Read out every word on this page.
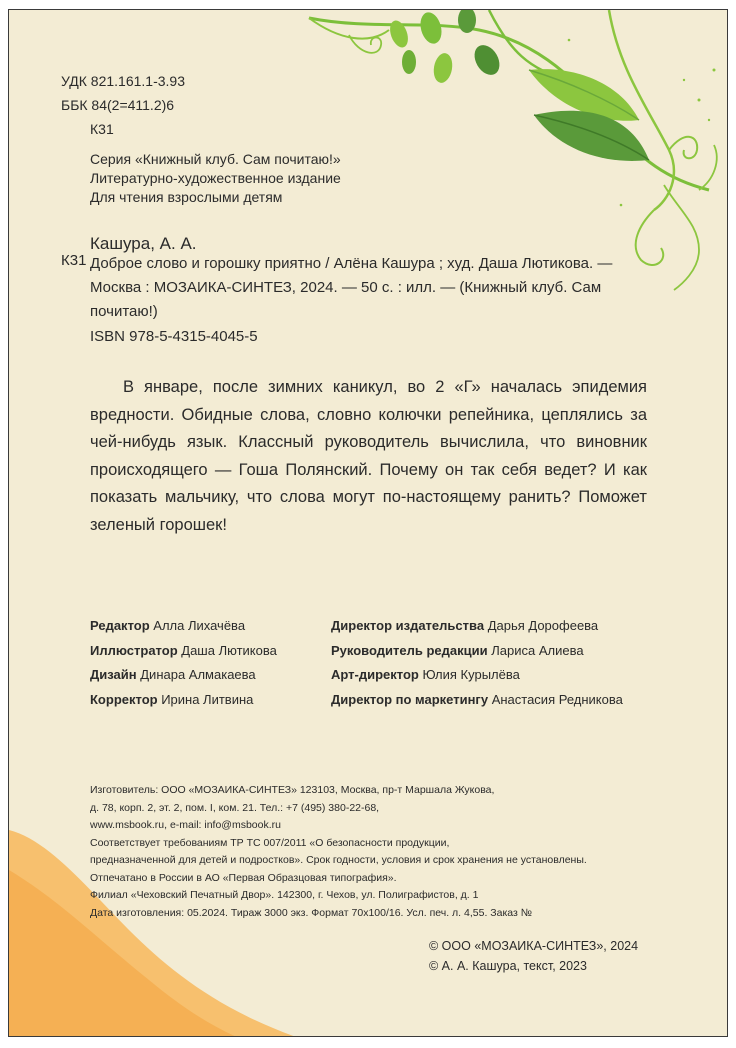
УДК 821.161.1-3.93
ББК 84(2=411.2)6
К31
Серия «Книжный клуб. Сам почитаю!»
Литературно-художественное издание
Для чтения взрослыми детям
Кашура, А. А.
К31 Доброе слово и горошку приятно / Алёна Кашура ; худ. Даша Лютикова. — Москва : МОЗАИКА-СИНТЕЗ, 2024. — 50 с. : илл. — (Книжный клуб. Сам почитаю!)
ISBN 978-5-4315-4045-5
В январе, после зимних каникул, во 2 «Г» началась эпидемия вредности. Обидные слова, словно колючки репейника, цеплялись за чей-нибудь язык. Классный руководитель вычислила, что виновник происходящего — Гоша Полянский. Почему он так себя ведет? И как показать мальчику, что слова могут по-настоящему ранить? Поможет зеленый горошек!
Редактор Алла Лихачёва
Иллюстратор Даша Лютикова
Дизайн Динара Алмакаева
Корректор Ирина Литвина
Директор издательства Дарья Дорофеева
Руководитель редакции Лариса Алиева
Арт-директор Юлия Курылёва
Директор по маркетингу Анастасия Редникова
Изготовитель: ООО «МОЗАИКА-СИНТЕЗ» 123103, Москва, пр-т Маршала Жукова,
д. 78, корп. 2, эт. 2, пом. I, ком. 21. Тел.: +7 (495) 380-22-68,
www.msbook.ru, e-mail: info@msbook.ru
Соответствует требованиям ТР ТС 007/2011 «О безопасности продукции,
предназначенной для детей и подростков». Срок годности, условия и срок хранения не установлены.
Отпечатано в России в АО «Первая Образцовая типография».
Филиал «Чеховский Печатный Двор». 142300, г. Чехов, ул. Полиграфистов, д. 1
Дата изготовления: 05.2024. Тираж 3000 экз. Формат 70х100/16. Усл. печ. л. 4,55. Заказ №
© ООО «МОЗАИКА-СИНТЕЗ», 2024
© А. А. Кашура, текст, 2023
